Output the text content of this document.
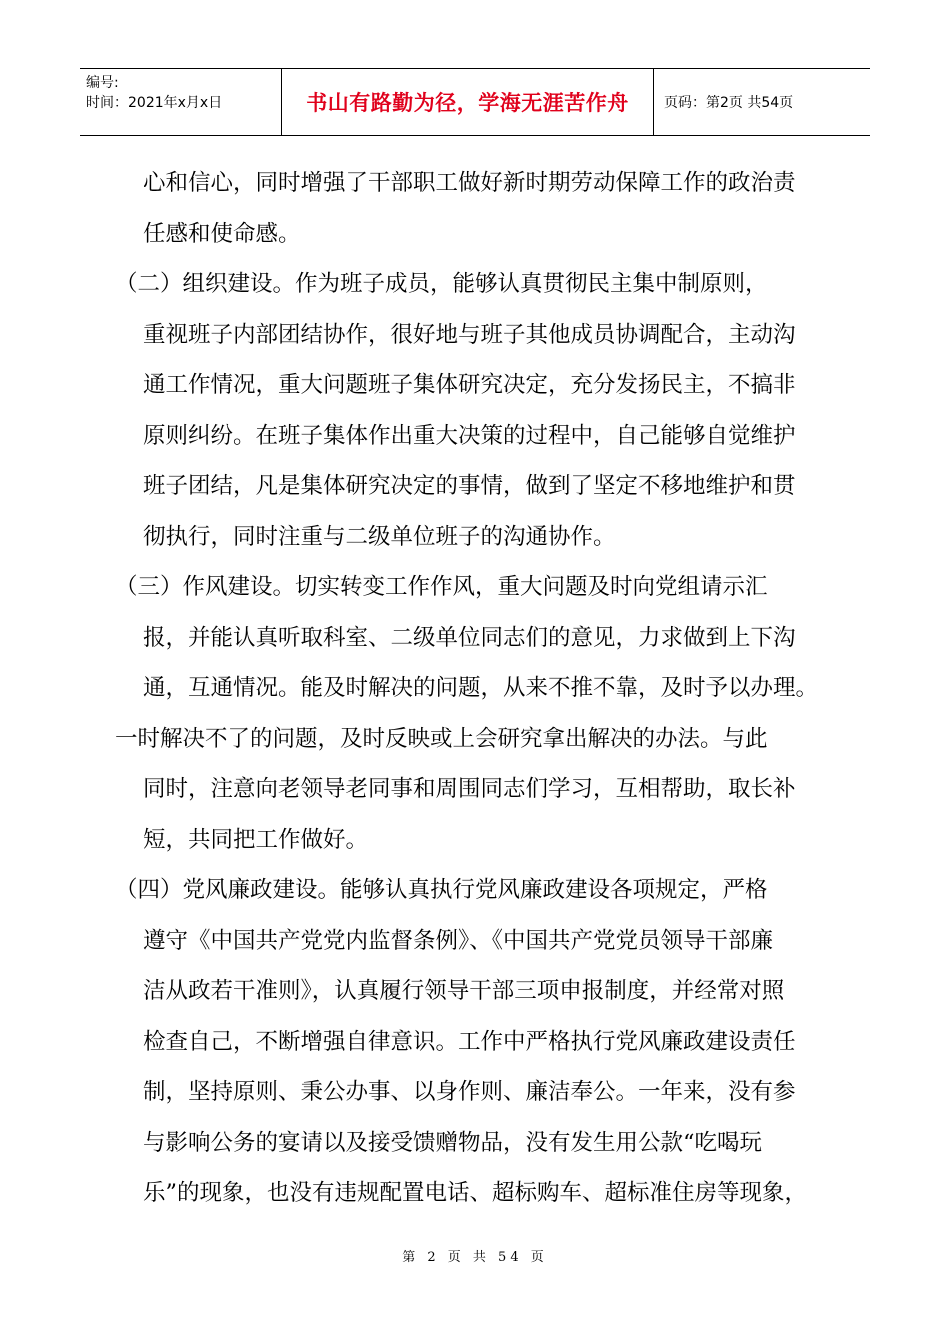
编号:
时间：2021年x月x日	书山有路勤为径，学海无涯苦作舟	页码：第2页 共54页
心和信心，同时增强了干部职工做好新时期劳动保障工作的政治责
任感和使命感。
（二）组织建设。作为班子成员，能够认真贯彻民主集中制原则，
重视班子内部团结协作，很好地与班子其他成员协调配合，主动沟
通工作情况，重大问题班子集体研究决定，充分发扬民主，不搞非
原则纠纷。在班子集体作出重大决策的过程中，自己能够自觉维护
班子团结，凡是集体研究决定的事情，做到了坚定不移地维护和贯
彻执行，同时注重与二级单位班子的沟通协作。
（三）作风建设。切实转变工作作风，重大问题及时向党组请示汇
报，并能认真听取科室、二级单位同志们的意见，力求做到上下沟
通，互通情况。能及时解决的问题，从来不推不靠，及时予以办理。
一时解决不了的问题，及时反映或上会研究拿出解决的办法。与此
同时，注意向老领导老同事和周围同志们学习，互相帮助，取长补
短，共同把工作做好。
（四）党风廉政建设。能够认真执行党风廉政建设各项规定，严格
遵守《中国共产党党内监督条例》、《中国共产党党员领导干部廉
洁从政若干准则》，认真履行领导干部三项申报制度，并经常对照
检查自己，不断增强自律意识。工作中严格执行党风廉政建设责任
制，坚持原则、秉公办事、以身作则、廉洁奉公。一年来，没有参
与影响公务的宴请以及接受馈赠物品，没有发生用公款“吃喝玩
乐”的现象，也没有违规配置电话、超标购车、超标准住房等现象，
第 2 页 共 54 页
